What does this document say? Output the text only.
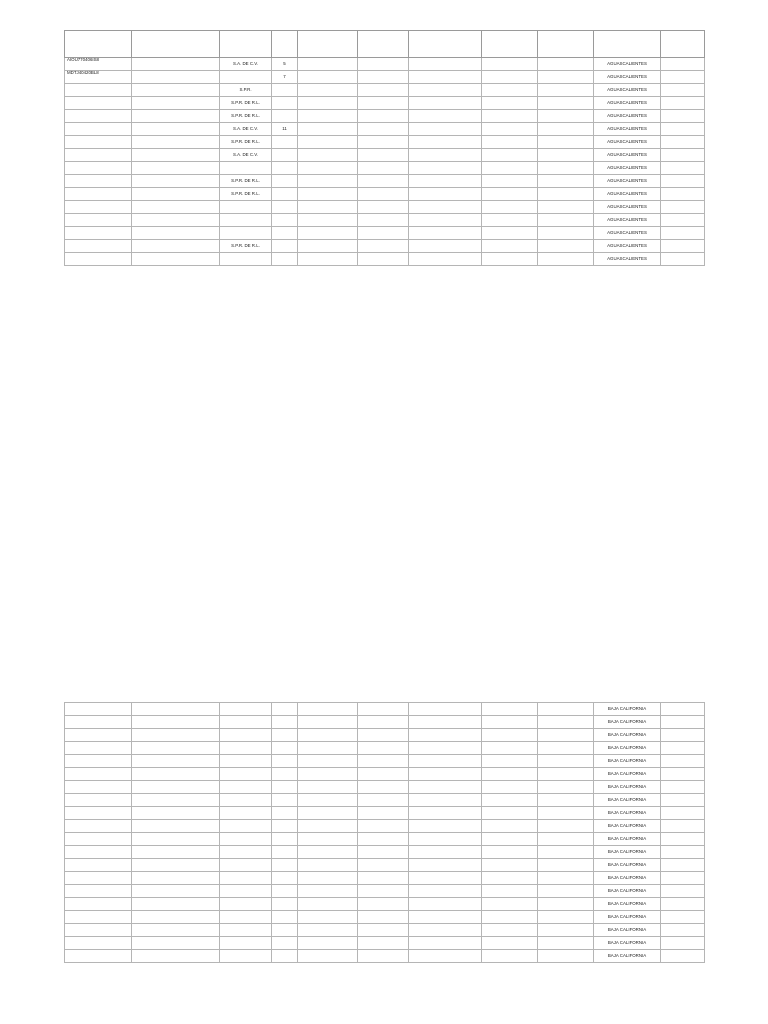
AIOU770406IS8		S.A. DE C.V.	5						AGUASCALIENTES	
MDTJ40420BL8			7						AGUASCALIENTES	
		S.P.R.							AGUASCALIENTES	
		S.P.R. DE R.L.							AGUASCALIENTES	
		S.P.R. DE R.L.							AGUASCALIENTES	
		S.A. DE C.V.	11						AGUASCALIENTES	
		S.P.R. DE R.L.							AGUASCALIENTES	
		S.A. DE C.V.							AGUASCALIENTES	
									AGUASCALIENTES	
		S.P.R. DE R.L.							AGUASCALIENTES	
		S.P.R. DE R.L.							AGUASCALIENTES	
									AGUASCALIENTES	
									AGUASCALIENTES	
									AGUASCALIENTES	
		S.P.R. DE R.L.							AGUASCALIENTES	
									AGUASCALIENTES	
									BAJA CALIFORNIA	
									BAJA CALIFORNIA	
									BAJA CALIFORNIA	
									BAJA CALIFORNIA	
									BAJA CALIFORNIA	
									BAJA CALIFORNIA	
									BAJA CALIFORNIA	
									BAJA CALIFORNIA	
									BAJA CALIFORNIA	
									BAJA CALIFORNIA	
									BAJA CALIFORNIA	
									BAJA CALIFORNIA	
									BAJA CALIFORNIA	
									BAJA CALIFORNIA	
									BAJA CALIFORNIA	
									BAJA CALIFORNIA	
									BAJA CALIFORNIA	
									BAJA CALIFORNIA	
									BAJA CALIFORNIA	
									BAJA CALIFORNIA	
